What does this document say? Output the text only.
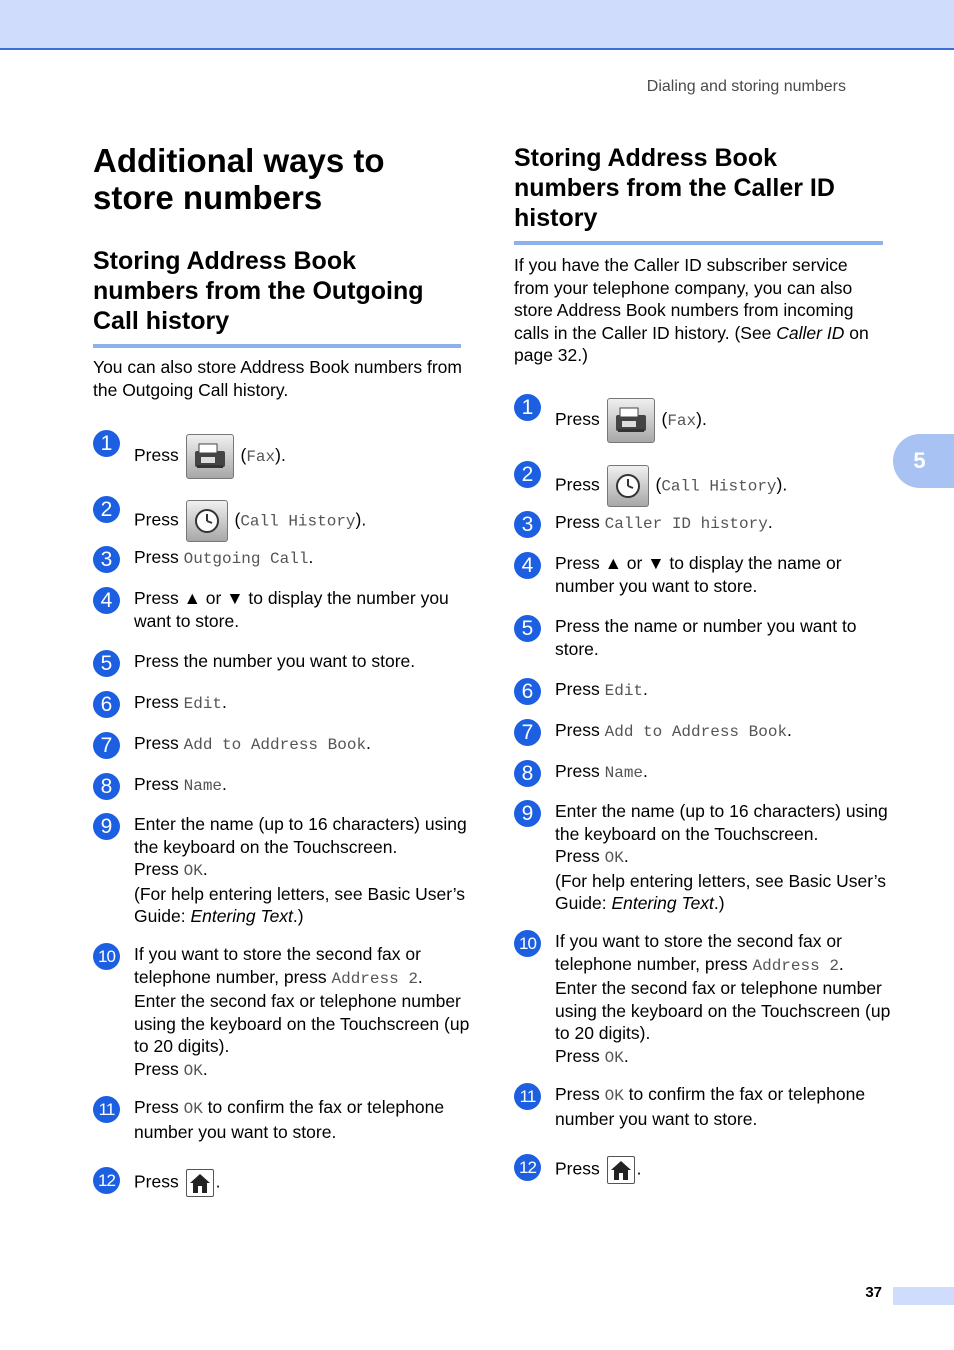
Dialing and storing numbers
5
Additional ways to store numbers
Storing Address Book numbers from the Outgoing Call history

You can also store Address Book numbers from the Outgoing Call history.

Storing Address Book numbers from the Caller ID history

If you have the Caller ID subscriber service from your telephone company, you can also store Address Book numbers from incoming calls in the Caller ID history. (See Caller ID on page 32.)

1
Press	(Fax).
2	Press	(Call History).
3	Press Outgoing Call.
4	Press ▲ or ▼ to display the number you want to store.
5	Press the number you want to store.
6	Press Edit.
7	Press Add to Address Book.
8	Press Name.
9	Enter the name (up to 16 characters) using the keyboard on the Touchscreen.
Press OK.
(For help entering letters, see Basic User’s Guide: Entering Text.)
10 If you want to store the second fax or telephone number, press Address 2.
Enter the second fax or telephone number using the keyboard on the Touchscreen (up to 20 digits).
Press OK.
11	Press OK to confirm the fax or telephone number you want to store.
12 Press .
1
Press	(Fax).
2	Press	(Call History).
3	Press Caller ID history.
4	Press ▲ or ▼ to display the name or number you want to store.
5	Press the name or number you want to store.
6	Press Edit.
7	Press Add to Address Book.
8	Press Name.
9	Enter the name (up to 16 characters) using the keyboard on the Touchscreen.
Press OK.
(For help entering letters, see Basic User’s Guide: Entering Text.)
10 If you want to store the second fax or telephone number, press Address 2.
Enter the second fax or telephone number using the keyboard on the Touchscreen (up to 20 digits).
Press OK.
11	Press OK to confirm the fax or telephone number you want to store.
12 Press .
37
